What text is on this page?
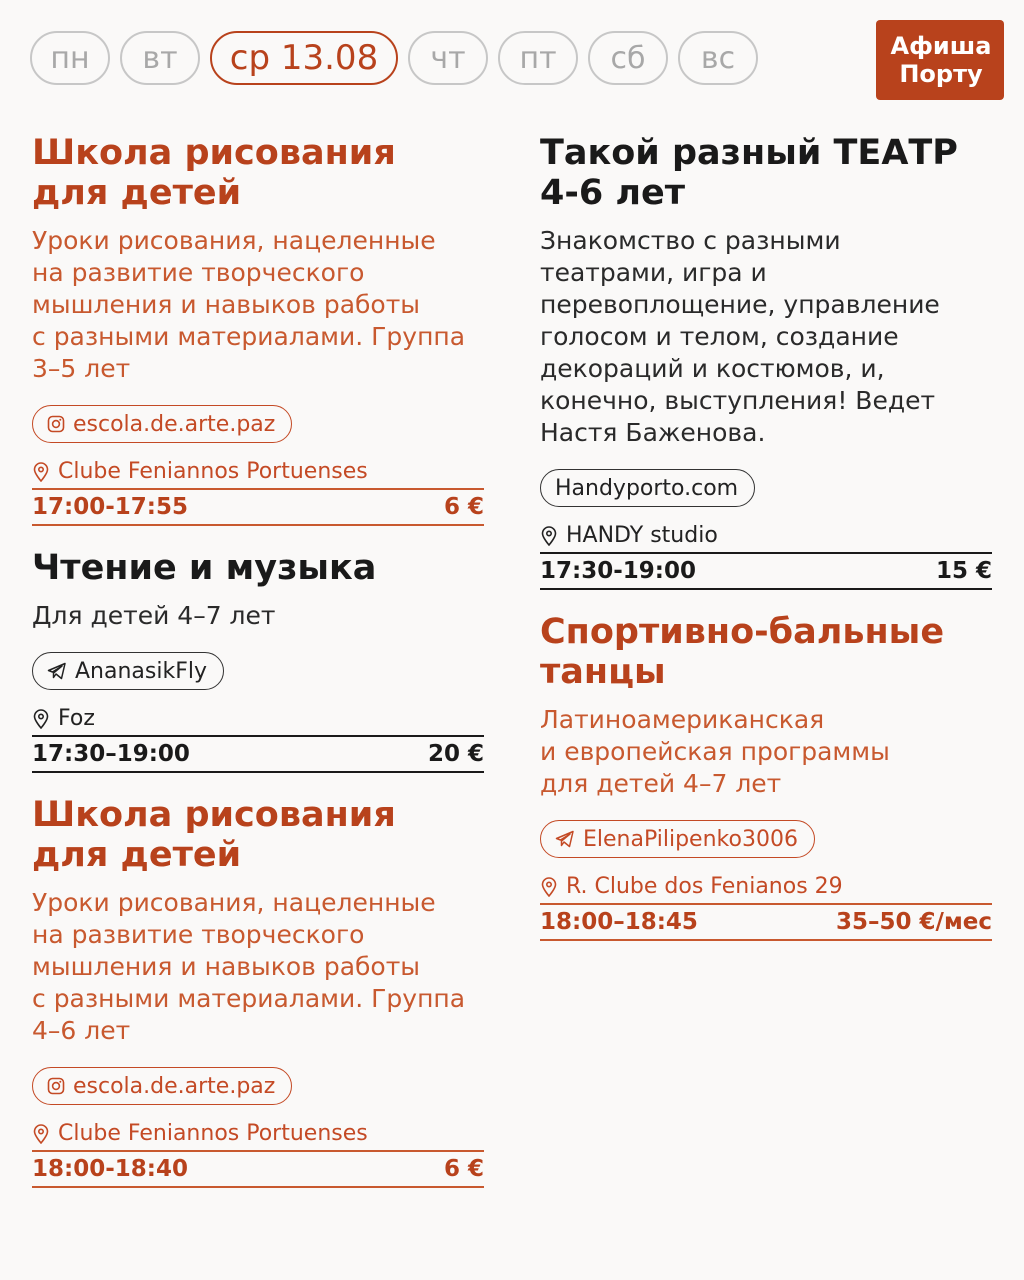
пн	вт	ср 13.08	чт	пт	сб	вс	Афиша
Порту
Школа рисования
для детей
Уроки рисования, нацеленные
на развитие творческого
мышления и навыков работы
с разными материалами. Группа
3–5 лет
escola.de.arte.paz
Clube Feniannos Portuenses
17:00-17:55	6 €
Чтение и музыка
Для детей 4–7 лет
AnanasikFly
Foz
17:30–19:00	20 €
Школа рисования
для детей
Уроки рисования, нацеленные
на развитие творческого
мышления и навыков работы
с разными материалами. Группа
4–6 лет
escola.de.arte.paz
Clube Feniannos Portuenses
18:00-18:40	6 €
Такой разный ТЕАТР
4-6 лет
Знакомство с разными
театрами, игра и
перевоплощение, управление
голосом и телом, создание
декораций и костюмов, и,
конечно, выступления! Ведет
Настя Баженова.
Handyporto.com
HANDY studio
17:30-19:00	15 €
Спортивно-бальные
танцы
Латиноамериканская
и европейская программы
для детей 4–7 лет
ElenaPilipenko3006
R. Clube dos Fenianos 29
18:00–18:45	35–50 €/мес
